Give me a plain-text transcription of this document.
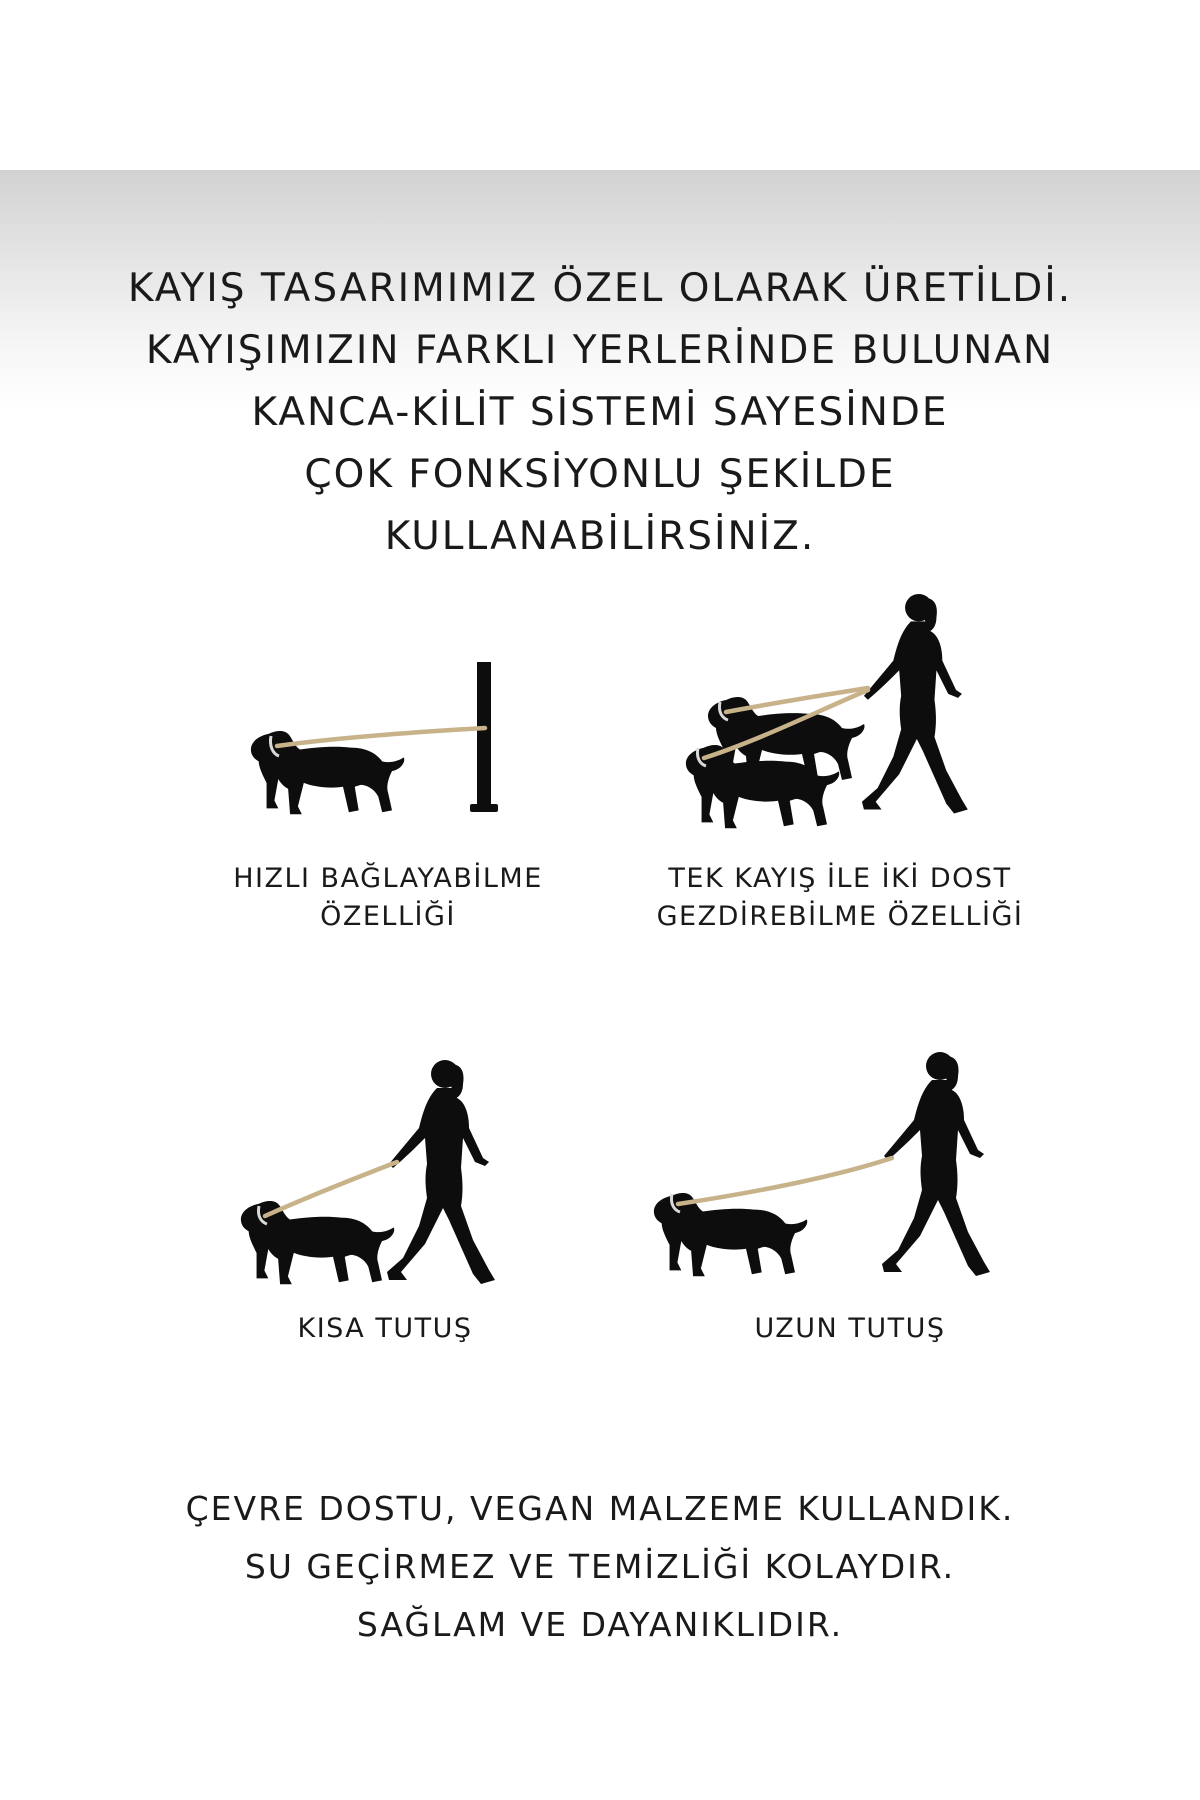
KAYIŞ TASARIMIMIZ ÖZEL OLARAK ÜRETİLDİ.
KAYIŞIMIZIN FARKLI YERLERİNDE BULUNAN
KANCA-KİLİT SİSTEMİ SAYESİNDE
ÇOK FONKSİYONLU ŞEKİLDE
KULLANABİLİRSİNİZ.
HIZLI BAĞLAYABİLME
ÖZELLİĞİ
TEK KAYIŞ İLE İKİ DOST
GEZDİREBİLME ÖZELLİĞİ
KISA TUTUŞ	UZUN TUTUŞ
ÇEVRE DOSTU, VEGAN MALZEME KULLANDIK.
SU GEÇİRMEZ VE TEMİZLİĞİ KOLAYDIR.
SAĞLAM VE DAYANIKLIDIR.
